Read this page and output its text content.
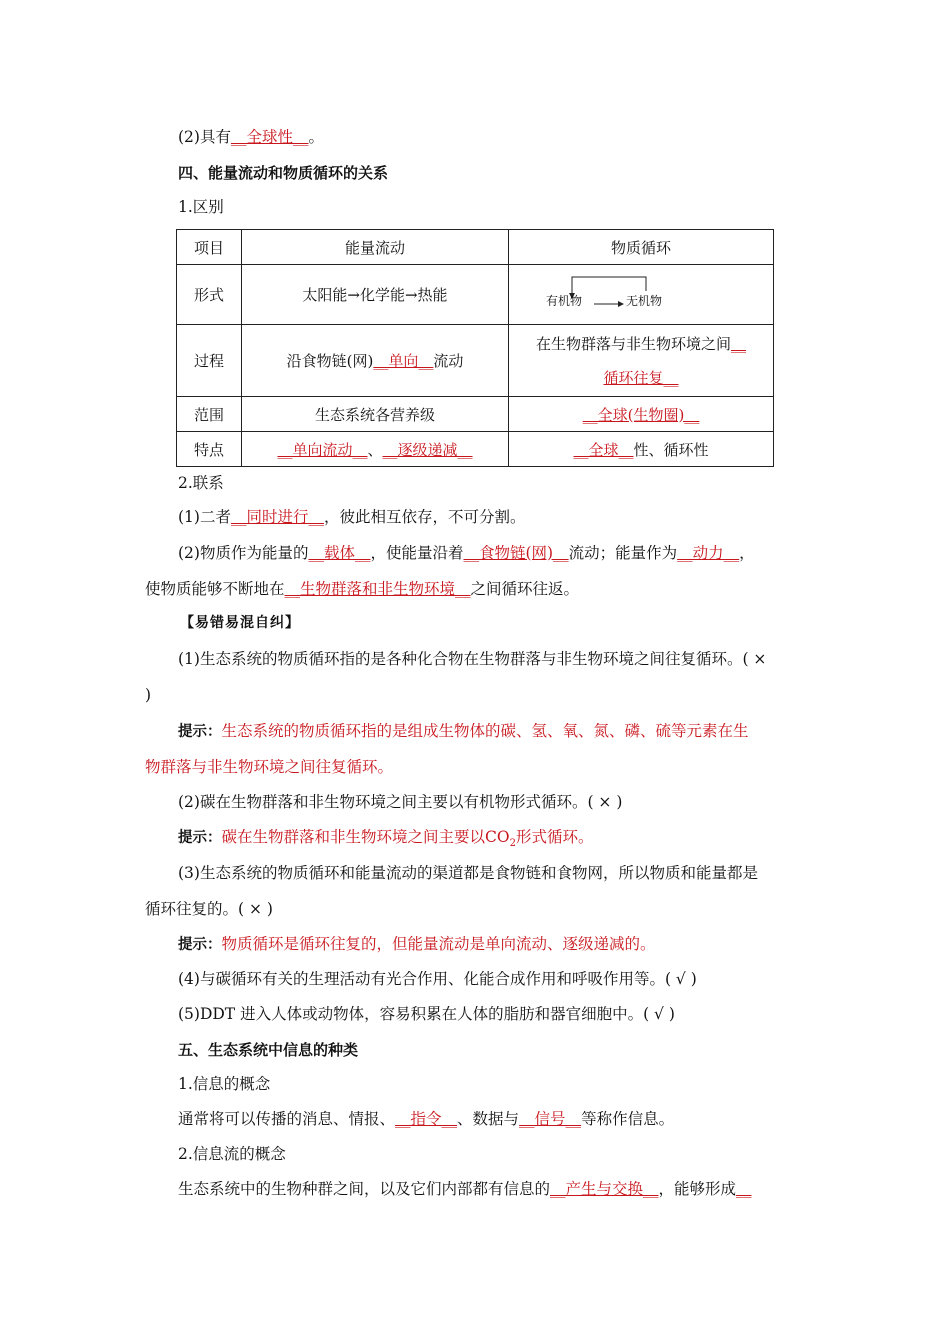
(2)具有__全球性__。
四、能量流动和物质循环的关系
1.区别
项目	能量流动	物质循环
形式	太阳能→化学能→热能	有机物 无机物

过程	沿食物链(网)__单向__流动	在生物群落与非生物环境之间__
循环往复__
范围	生态系统各营养级	__全球(生物圈)__
特点	__单向流动__、__逐级递减__	__全球__性、循环性
2.联系
(1)二者__同时进行__，彼此相互依存，不可分割。
(2)物质作为能量的__载体__，使能量沿着__食物链(网)__流动；能量作为__动力__，
使物质能够不断地在__生物群落和非生物环境__之间循环往返。
【易错易混自纠】
(1)生态系统的物质循环指的是各种化合物在生物群落与非生物环境之间往复循环。( ×
)
提示：生态系统的物质循环指的是组成生物体的碳、氢、氧、氮、磷、硫等元素在生
物群落与非生物环境之间往复循环。
(2)碳在生物群落和非生物环境之间主要以有机物形式循环。( × )
提示：碳在生物群落和非生物环境之间主要以$CO_2$形式循环。
(3)生态系统的物质循环和能量流动的渠道都是食物链和食物网，所以物质和能量都是
循环往复的。( × )
提示：物质循环是循环往复的，但能量流动是单向流动、逐级递减的。
(4)与碳循环有关的生理活动有光合作用、化能合成作用和呼吸作用等。( √ )
(5)DDT 进入人体或动物体，容易积累在人体的脂肪和器官细胞中。( √ )
五、生态系统中信息的种类
1.信息的概念
通常将可以传播的消息、情报、__指令__、数据与__信号__等称作信息。
2.信息流的概念
生态系统中的生物种群之间，以及它们内部都有信息的__产生与交换__，能够形成__
